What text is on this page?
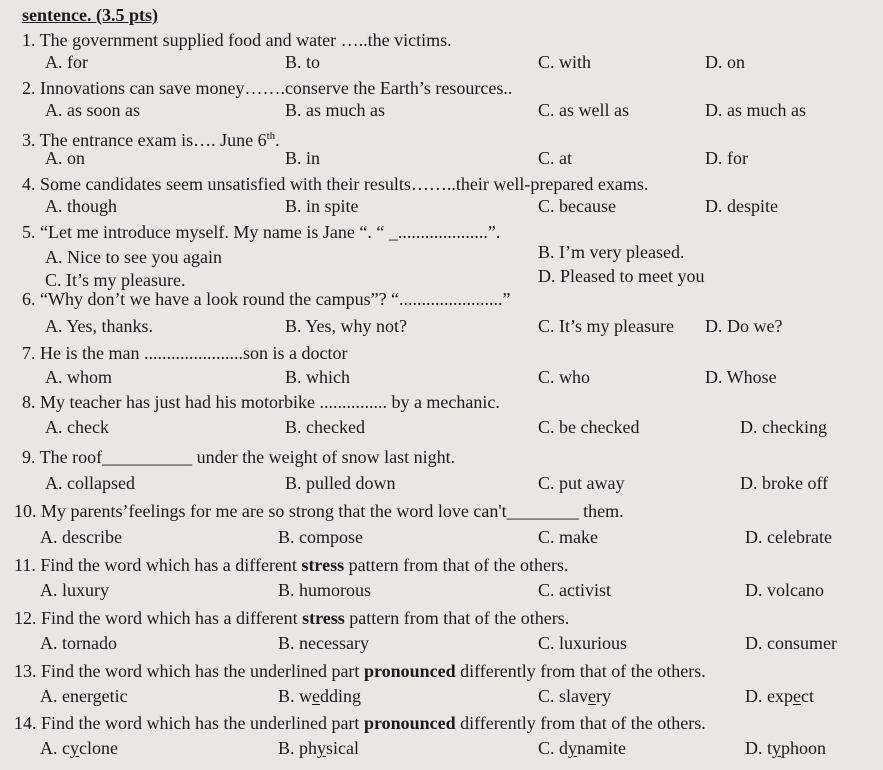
sentence. (3.5 pts)
1. The government supplied food and water …..the victims.
A. for	B. to	C. with	D. on
2. Innovations can save money…….conserve the Earth’s resources..
A. as soon as	B. as much as	C. as well as	D. as much as
3. The entrance exam is…. June 6th.
A. on	B. in	C. at	D. for
4. Some candidates seem unsatisfied with their results……..their well-prepared exams.
A. though	B. in spite	C. because	D. despite
5. “Let me introduce myself. My name is Jane “. “ _....................”.
A. Nice to see you again	B. I’m very pleased.
C. It’s my pleasure.	D. Pleased to meet you
6. “Why don’t we have a look round the campus”? “.......................”
A. Yes, thanks.	B. Yes, why not?	C. It’s my pleasure D. Do we?
7. He is the man ......................son is a doctor
A. whom	B. which	C. who	D. Whose
8. My teacher has just had his motorbike ............... by a mechanic.
A. check	B. checked	C. be checked	D. checking
9. The roof__________ under the weight of snow last night.
A. collapsed	B. pulled down	C. put away	D. broke off
10. My parents’feelings for me are so strong that the word love can't________ them.
A. describe	B. compose	C. make	D. celebrate
11. Find the word which has a different stress pattern from that of the others.
A. luxury	B. humorous	C. activist	D. volcano
12. Find the word which has a different stress pattern from that of the others.
A. tornado	B. necessary	C. luxurious	D. consumer
13. Find the word which has the underlined part pronounced differently from that of the others.
A. energetic	B. wedding	C. slavery	D. expect
14. Find the word which has the underlined part pronounced differently from that of the others.
A. cyclone	B. physical	C. dynamite	D. typhoon
